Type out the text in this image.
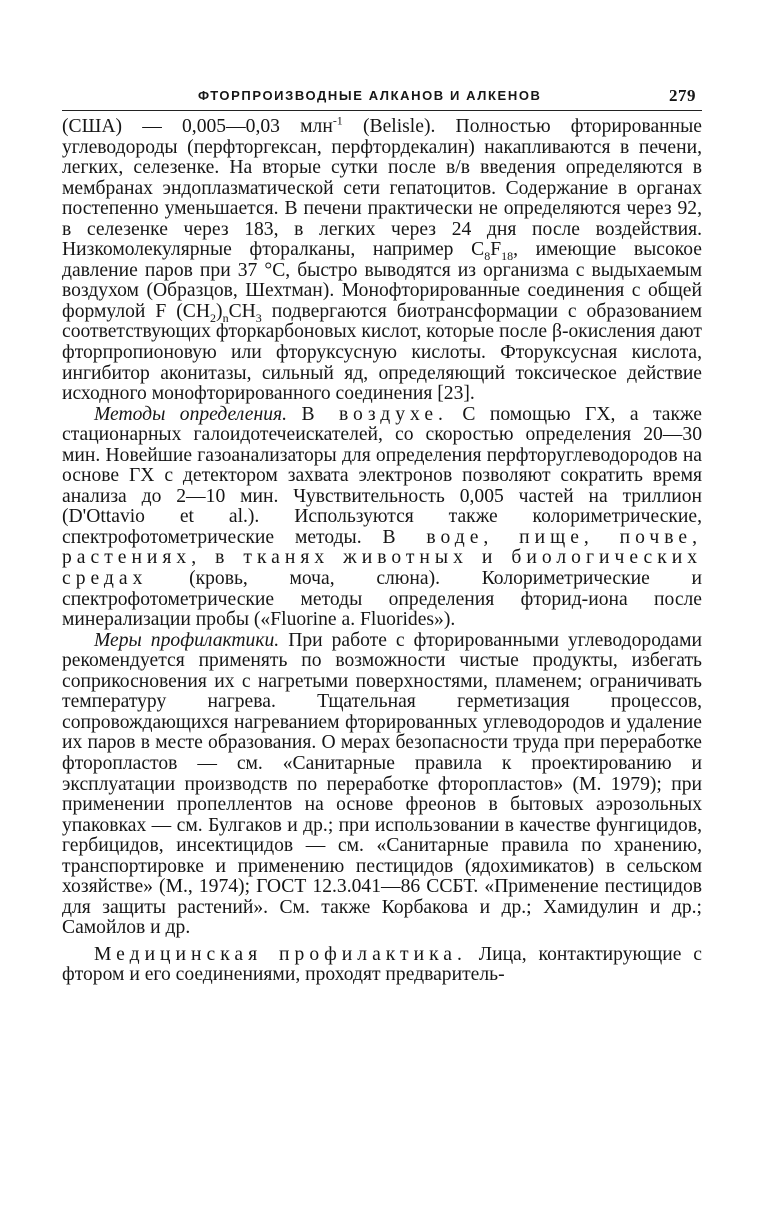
ФТОРПРОИЗВОДНЫЕ АЛКАНОВ И АЛКЕНОВ	279

(США) — 0,005—0,03 млн$^{-1}$ (Belisle). Полностью фторированные углеводороды (перфторгексан, перфтордекалин) накапливаются в печени, легких, селезенке. На вторые сутки после в/в введения определяются в мембранах эндоплазматической сети гепатоцитов. Содержание в органах постепенно уменьшается. В печени практически не определяются через 92, в селезенке через 183, в легких через 24 дня после воздействия. Низкомолекулярные фторалканы, например $C_8F_{18}$, имеющие высокое давление паров при 37 °С, быстро выводятся из организма с выдыхаемым воздухом (Образцов, Шехтман). Монофторированные соединения с общей формулой F $(CH_2)_nCH_3$ подвергаются биотрансформации с образованием соответствующих фторкарбоновых кислот, которые после β-окисления дают фторпропионовую или фторуксусную кислоты. Фторуксусная кислота, ингибитор аконитазы, сильный яд, определяющий токсическое действие исходного монофторированного соединения [23].

Методы определения. В воздухе. С помощью ГХ, а также стационарных галоидотечеискателей, со скоростью определения 20—30 мин. Новейшие газоанализаторы для определения перфторуглеводородов на основе ГХ с детектором захвата электронов позволяют сократить время анализа до 2—10 мин. Чувствительность 0,005 частей на триллион (D'Ottavio et al.). Используются также колориметрические, спектрофотометрические методы. В воде, пище, почве, растениях, в тканях животных и биологических средах (кровь, моча, слюна). Колориметрические и спектрофотометрические методы определения фторид-иона после минерализации пробы («Fluorine a. Fluorides»).

Меры профилактики. При работе с фторированными углеводородами рекомендуется применять по возможности чистые продукты, избегать соприкосновения их с нагретыми поверхностями, пламенем; ограничивать температуру нагрева. Тщательная герметизация процессов, сопровождающихся нагреванием фторированных углеводородов и удаление их паров в месте образования. О мерах безопасности труда при переработке фторопластов — см. «Санитарные правила к проектированию и эксплуатации производств по переработке фторопластов» (М. 1979); при применении пропеллентов на основе фреонов в бытовых аэрозольных упаковках — см. Булгаков и др.; при использовании в качестве фунгицидов, гербицидов, инсектицидов — см. «Санитарные правила по хранению, транспортировке и применению пестицидов (ядохимикатов) в сельском хозяйстве» (М., 1974); ГОСТ 12.3.041—86 ССБТ. «Применение пестицидов для защиты растений». См. также Корбакова и др.; Хамидулин и др.; Самойлов и др.

Медицинская профилактика. Лица, контактирующие с фтором и его соединениями, проходят предваритель-
